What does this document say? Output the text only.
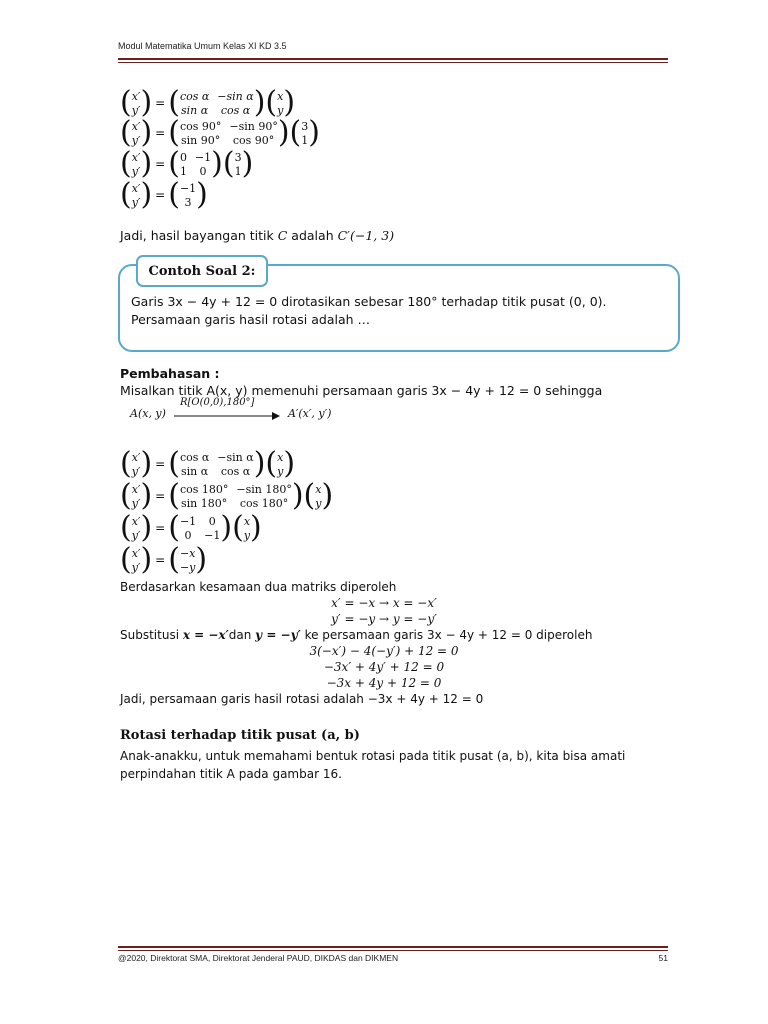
Modul Matematika Umum Kelas XI KD 3.5
( x′
y′ ) = ( cos α
sin α
−sin α
cos α ) ( x
y )
( x′
y′ ) = ( cos 90°
sin 90°
−sin 90°
cos 90° ) ( 3
1 )
( x′
y′ ) = ( 0
1
−1
0 ) ( 3
1 )
( x′
y′ ) = ( −1
3 )
Jadi, hasil bayangan titik C adalah C′(−1, 3)
Contoh Soal 2:
Garis 3x − 4y + 12 = 0 dirotasikan sebesar 180° terhadap titik pusat (0, 0).
Persamaan garis hasil rotasi adalah …
Pembahasan :
Misalkan titik A(x, y) memenuhi persamaan garis 3x − 4y + 12 = 0 sehingga
A(x, y)
R[O(0,0),180°]
A′(x′, y′)
( x′
y′ ) = ( cos α
sin α
−sin α
cos α ) ( x
y )
( x′
y′ ) = ( cos 180°
sin 180°
−sin 180°
cos 180° ) ( x
y )
( x′
y′ ) = ( −1
0
0
−1 ) ( x
y )
( x′
y′ ) = ( −x
−y )
Berdasarkan kesamaan dua matriks diperoleh
x′ = −x → x = −x′
y′ = −y → y = −y′
Substitusi x = −x′dan y = −y′ ke persamaan garis 3x − 4y + 12 = 0 diperoleh
3(−x′) − 4(−y′) + 12 = 0
−3x′ + 4y′ + 12 = 0
−3x + 4y + 12 = 0
Jadi, persamaan garis hasil rotasi adalah −3x + 4y + 12 = 0
Rotasi terhadap titik pusat (a, b)
Anak-anakku, untuk memahami bentuk rotasi pada titik pusat (a, b), kita bisa amati
perpindahan titik A pada gambar 16.
@2020, Direktorat SMA, Direktorat Jenderal PAUD, DIKDAS dan DIKMEN	51
